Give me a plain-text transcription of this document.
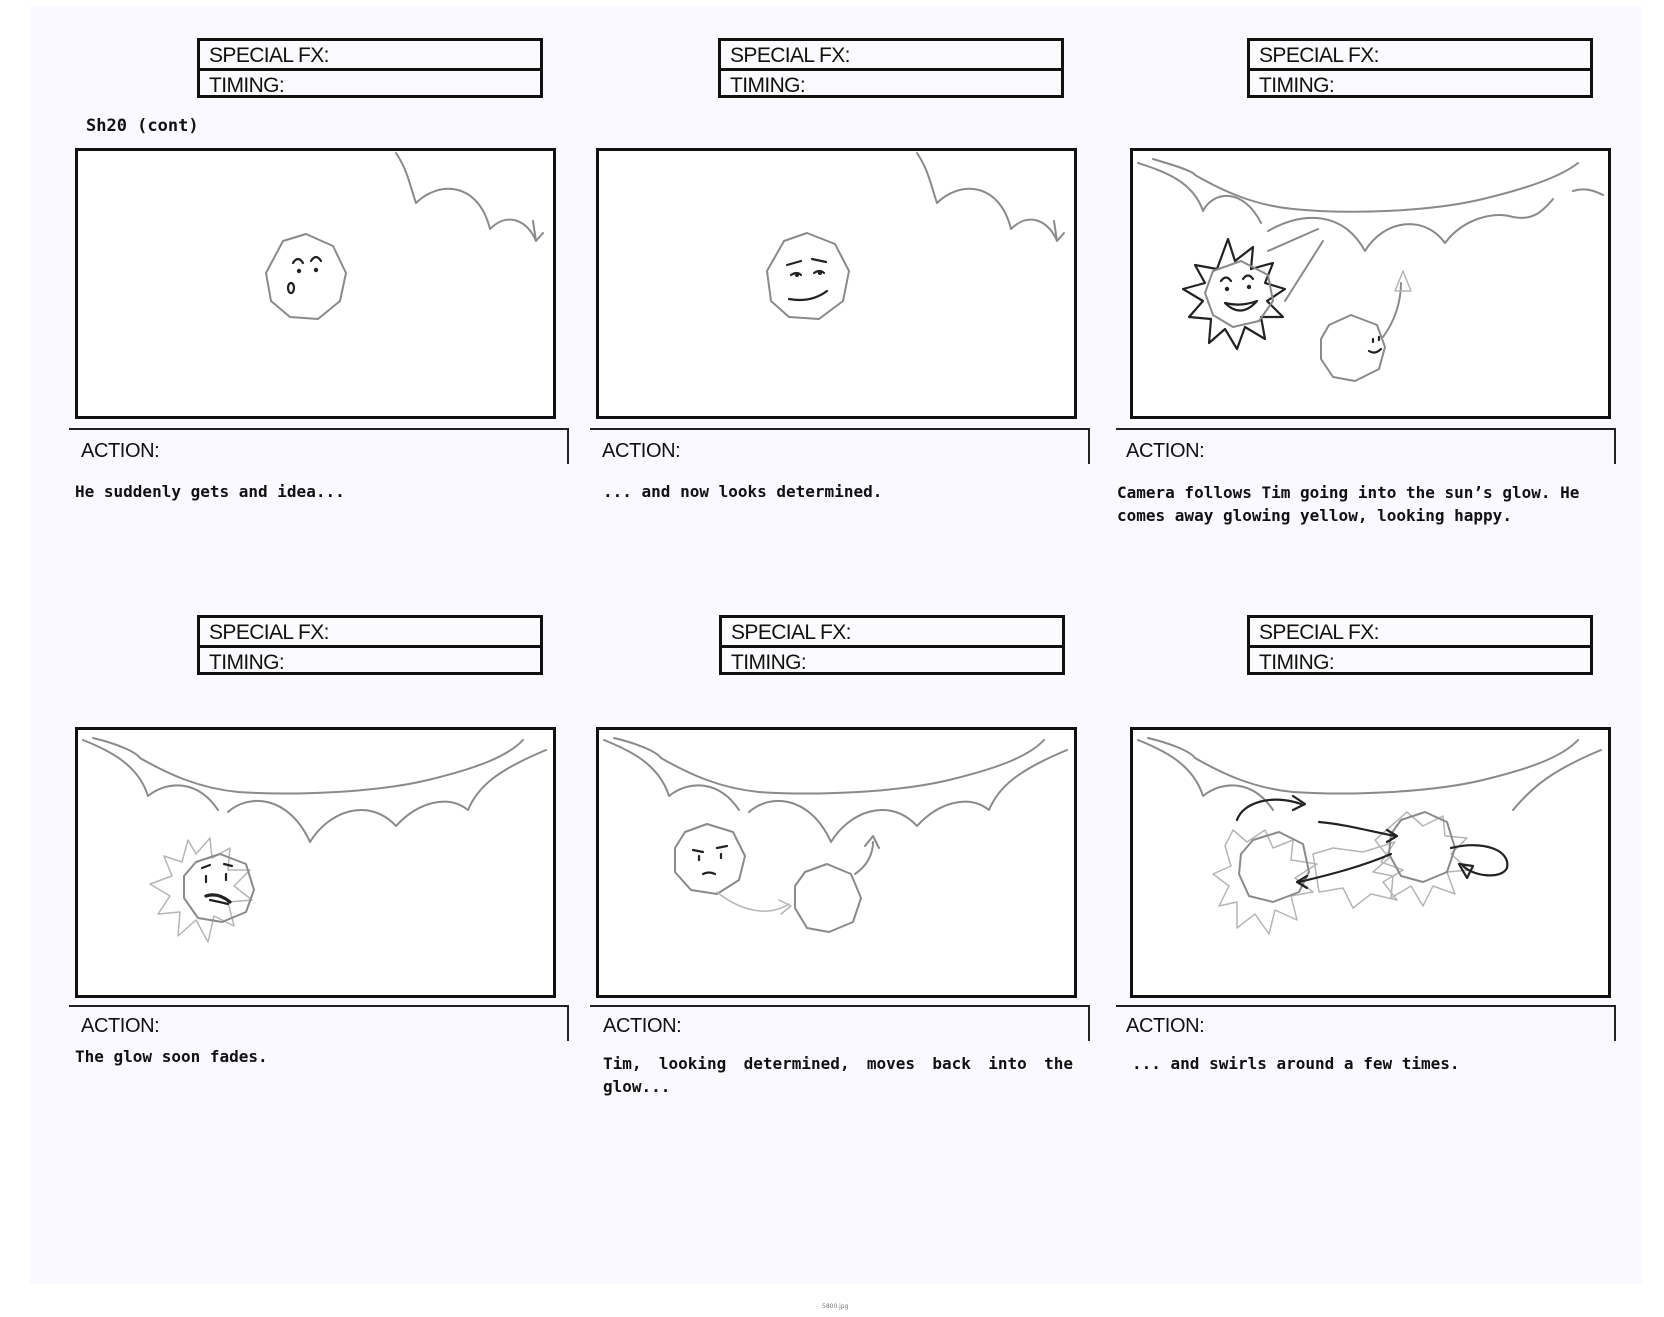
Sh20 (cont)
SPECIAL FX:
TIMING:
ACTION:
He suddenly gets and idea...
SPECIAL FX:
TIMING:
ACTION:
... and now looks determined.
SPECIAL FX:
TIMING:
ACTION:
Camera follows Tim going into the sun’s glow. He comes away glowing yellow, looking happy.
SPECIAL FX:
TIMING:
ACTION:
The glow soon fades.
SPECIAL FX:
TIMING:
ACTION:
Tim, looking determined, moves back into the glow...
SPECIAL FX:
TIMING:
ACTION:
... and swirls around a few times.
5800.jpg
